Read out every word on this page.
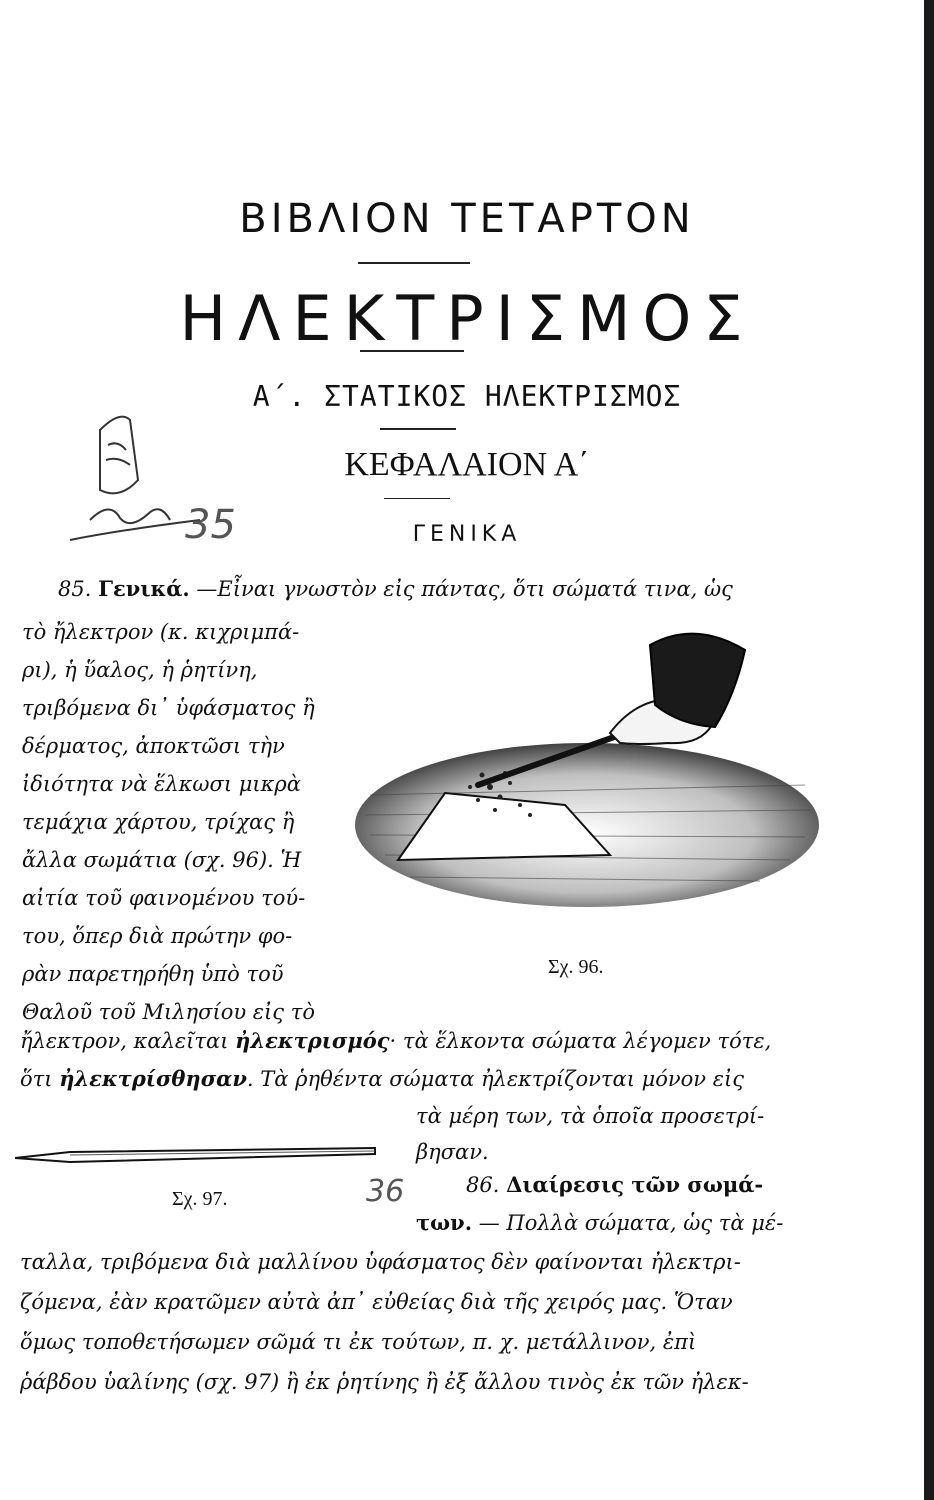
ΒΙΒΛΙΟΝ ΤΕΤΑΡΤΟΝ
ΗΛΕΚΤΡΙΣΜΟΣ
Α΄. ΣΤΑΤΙΚΟΣ ΗΛΕΚΤΡΙΣΜΟΣ
ΚΕΦΑΛΑΙΟΝ Α΄
ΓΕΝΙΚΑ
35
36
85. Γενικά. —Εἶναι γνωστὸν εἰς πάντας, ὅτι σώματά τινα, ὡς
τὸ ἤλεκτρον (κ. κιχριμπά-
ρι), ἡ ὕαλος, ἡ ῥητίνη,
τριβόμενα δι᾽ ὑφάσματος ἢ
δέρματος, ἀποκτῶσι τὴν
ἰδιότητα νὰ ἕλκωσι μικρὰ
τεμάχια χάρτου, τρίχας ἢ
ἄλλα σωμάτια (σχ. 96). Ἡ
αἰτία τοῦ φαινομένου τού-
του, ὅπερ διὰ πρώτην φο-
ρὰν παρετηρήθη ὑπὸ τοῦ
Θαλοῦ τοῦ Μιλησίου εἰς τὸ
Σχ. 96.
ἤλεκτρον, καλεῖται ἠλεκτρισμός· τὰ ἕλκοντα σώματα λέγομεν τότε,
ὅτι ἠλεκτρίσθησαν. Τὰ ῥηθέντα σώματα ἠλεκτρίζονται μόνον εἰς
τὰ μέρη των, τὰ ὁποῖα προσετρί-
βησαν.
Σχ. 97.
86. Διαίρεσις τῶν σωμά-
των. — Πολλὰ σώματα, ὡς τὰ μέ-
ταλλα, τριβόμενα διὰ μαλλίνου ὑφάσματος δὲν φαίνονται ἠλεκτρι-
ζόμενα, ἐὰν κρατῶμεν αὐτὰ ἀπ᾽ εὐθείας διὰ τῆς χειρός μας. Ὅταν
ὅμως τοποθετήσωμεν σῶμά τι ἐκ τούτων, π. χ. μετάλλινον, ἐπὶ
ῥάβδου ὑαλίνης (σχ. 97) ἢ ἐκ ῥητίνης ἢ ἐξ ἄλλου τινὸς ἐκ τῶν ἠλεκ-
